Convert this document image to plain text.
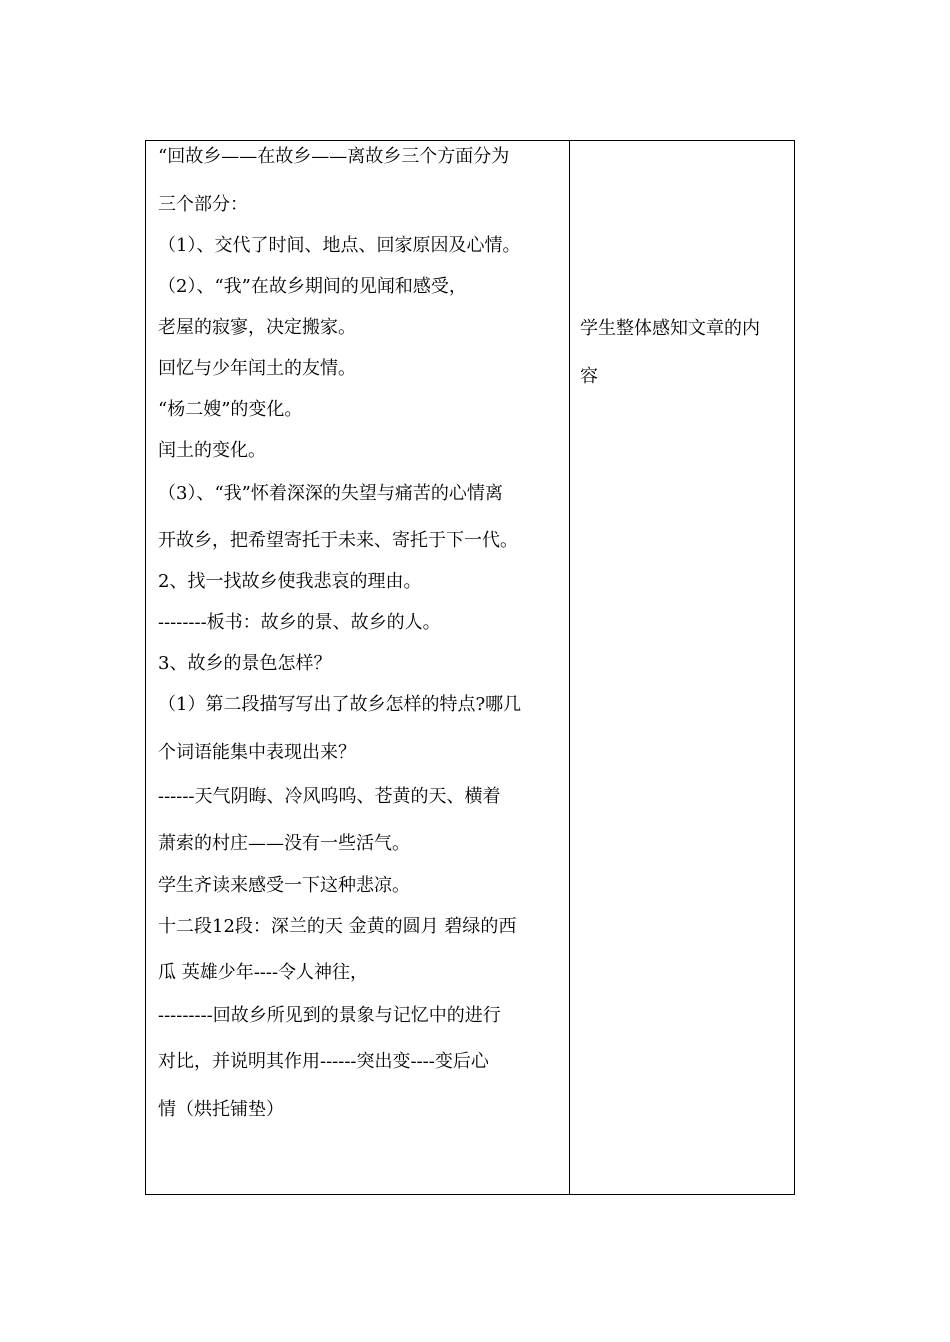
“回故乡——在故乡——离故乡三个方面分为
三个部分：
（1）、交代了时间、地点、回家原因及心情。
（2）、“我”在故乡期间的见闻和感受，
老屋的寂寥，决定搬家。
回忆与少年闰土的友情。
“杨二嫂”的变化。
闰土的变化。
（3）、“我”怀着深深的失望与痛苦的心情离
开故乡，把希望寄托于未来、寄托于下一代。
2、找一找故乡使我悲哀的理由。
--------板书：故乡的景、故乡的人。
3、故乡的景色怎样？
（1）第二段描写写出了故乡怎样的特点?哪几
个词语能集中表现出来？
------天气阴晦、冷风呜呜、苍黄的天、横着
萧索的村庄——没有一些活气。
学生齐读来感受一下这种悲凉。
十二段12段：深兰的天 金黄的圆月 碧绿的西
瓜 英雄少年----令人神往，
---------回故乡所见到的景象与记忆中的进行
对比，并说明其作用------突出变----变后心
情（烘托铺垫）
学生整体感知文章的内
容
